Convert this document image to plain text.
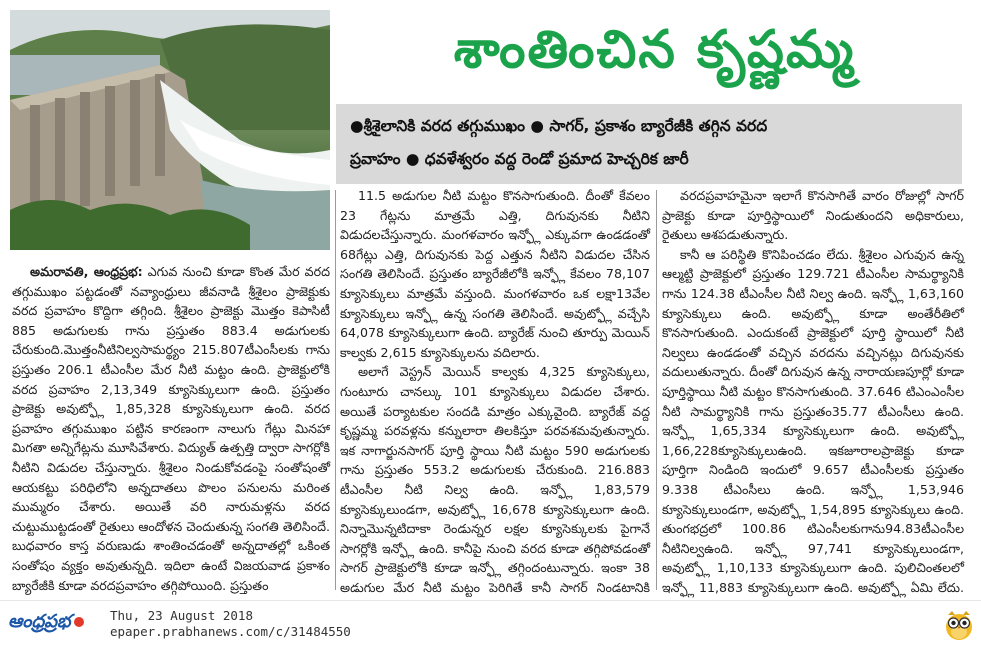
శాంతించిన కృష్ణమ్మ
●శ్రీశైలానికి వరద తగ్గుముఖం ● సాగర్, ప్రకాశం బ్యారేజీకి తగ్గిన వరద
ప్రవాహం ● ధవళేశ్వరం వద్ద రెండో ప్రమాద హెచ్చరిక జారీ

అమరావతి, ఆంధ్రప్రభ: ఎగువ నుంచి కూడా కొంత మేర వరద తగ్గుముఖం పట్టడంతో నవ్యాంధ్రులు జీవనాడి శ్రీశైలం ప్రాజెక్టుకు వరద ప్రవాహం కొద్దిగా తగ్గింది. శ్రీశైలం ప్రాజెక్టు మొత్తం కెపాసిటీ 885 అడుగులకు గాను ప్రస్తుతం 883.4 అడుగులకు చేరుకుంది.మొత్తంనీటినిల్వసామర్థ్యం 215.807టీఎంసీలకు గాను ప్రస్తుతం 206.1 టీఎంసీల మేర నీటి మట్టం ఉంది. ప్రాజెక్టులోకి వరద ప్రవాహం 2,13,349 క్యూసెక్కులుగా ఉంది. ప్రస్తుతం ప్రాజెక్టు అవుట్ఫ్లో 1,85,328 క్యూసెక్కులుగా ఉంది. వరద ప్రవాహం తగ్గుముఖం పట్టిన కారణంగా నాలుగు గేట్లు మినహా మిగతా అన్నిగేట్లను మూసివేశారు. విద్యుత్ ఉత్పత్తి ద్వారా సాగర్లోకి నీటిని విడుదల చేస్తున్నారు. శ్రీశైలం నిండుకోవడంపై సంతోషంతో ఆయకట్టు పరిధిలోని అన్నదాతలు పొలం పనులను మరింత ముమ్మరం చేశారు. అయితే వరి నారుమళ్లను వరద చుట్టుముట్టడంతో రైతులు ఆందోళన చెందుతున్న సంగతి తెలిసిందే. బుధవారం కాస్త వరుణుడు శాంతించడంతో అన్నదాతల్లో ఒకింత సంతోషం వ్యక్తం అవుతున్నది. ఇదిలా ఉంటే విజయవాడ ప్రకాశం బ్యారేజీకి కూడా వరదప్రవాహం తగ్గిపోయింది. ప్రస్తుతం

11.5 అడుగుల నీటి మట్టం కొనసాగుతుంది. దీంతో కేవలం 23 గేట్లను మాత్రమే ఎత్తి, దిగువునకు నీటిని విడుదలచేస్తున్నారు. మంగళవారం ఇన్ఫ్లో ఎక్కువగా ఉండడంతో 68గేట్లు ఎత్తి, దిగువునకు పెద్ద ఎత్తున నీటిని విడుదల చేసిన సంగతి తెలిసిందే. ప్రస్తుతం బ్యారేజీలోకి ఇన్ఫ్లో కేవలం 78,107 క్యూసెక్కులు మాత్రమే వస్తుంది. మంగళవారం ఒక లక్షా13వేల క్యూసెక్కులు ఇన్ఫ్లో ఉన్న సంగతి తెలిసిందే. అవుట్ఫ్లో వచ్చేసి 64,078 క్యూసెక్కులుగా ఉంది. బ్యారేజ్ నుంచి తూర్పు మెయిన్ కాల్వకు 2,615 క్యూసెక్కులను వదిలారు.

అలాగే వెస్ట్రన్ మెయిన్ కాల్వకు 4,325 క్యూసెక్కులు, గుంటూరు చానల్కు 101 క్యూసెక్కులు విడుదల చేశారు. అయితే పర్యాటకుల సందడి మాత్రం ఎక్కువైంది. బ్యారేజ్ వద్ద కృష్ణమ్మ పరవళ్లను కన్నులారా తిలకిస్తూ పరవశమవుతున్నారు. ఇక నాగార్జునసాగర్ పూర్తి స్థాయి నీటి మట్టం 590 అడుగులకు గాను ప్రస్తుతం 553.2 అడుగులకు చేరుకుంది. 216.883 టీఎంసీల నీటి నిల్వ ఉంది. ఇన్ఫ్లో 1,83,579 క్యూసెక్కులుండగా, అవుట్ఫ్లో 16,678 క్యూసెక్కులుగా ఉంది. నిన్నామొన్నటిదాకా రెండున్నర లక్షల క్యూసెక్కులకు పైగానే సాగర్లోకి ఇన్ఫ్లో ఉంది. కానీపై నుంచి వరద కూడా తగ్గిపోవడంతో సాగర్ ప్రాజెక్టులోకి కూడా ఇన్ఫ్లో తగ్గిందంటున్నారు. ఇంకా 38 అడుగుల మేర నీటి మట్టం పెరిగితే కానీ సాగర్ నిండటానికి

వరదప్రవాహమైనా ఇలాగే కొనసాగితే వారం రోజుల్లో సాగర్ ప్రాజెక్టు కూడా పూర్తిస్థాయిలో నిండుతుందని అధికారులు, రైతులు ఆశపడుతున్నారు.

కానీ ఆ పరిస్థితి కొనిపించడం లేదు. శ్రీశైలం ఎగువున ఉన్న ఆల్మట్టి ప్రాజెక్టులో ప్రస్తుతం 129.721 టీఎంసీల సామర్థ్యానికి గాను 124.38 టీఎంసీల నీటి నిల్వ ఉంది. ఇన్ఫ్లో 1,63,160 క్యూసెక్కులు ఉంది. అవుట్ఫ్లో కూడా అంతేరీతిలో కొనసాగుతుంది. ఎందుకంటే ప్రాజెక్టులో పూర్తి స్థాయిలో నీటి నిల్వలు ఉండడంతో వచ్చిన వరదను వచ్చినట్లు దిగువునకు వదులుతున్నారు. దీంతో దిగువున ఉన్న నారాయణపూర్లో కూడా పూర్తిస్థాయి నీటి మట్టం కొనసాగుతుంది. 37.646 టిఎంఎంసీల నీటి సామర్థ్యానికి గాను ప్రస్తుతం35.77 టీఎంసీలు ఉంది. ఇన్ఫ్లో 1,65,334 క్యూసెక్కులుగా ఉంది. అవుట్ఫ్లో 1,66,228క్యూసెక్కులుఉంది. ఇకజూరాలప్రాజెక్టు కూడా పూర్తిగా నిండింది ఇందులో 9.657 టీఎంసీలకు ప్రస్తుతం 9.338 టీఎంసీలు ఉంది. ఇన్ఫ్లో 1,53,946 క్యూసెక్కులుండగా, అవుట్ఫ్లో 1,54,895 క్యూసెక్కులు ఉంది. తుంగభద్రలో 100.86 టిఎంసీలకుగాను94.83టీఎంసీల నీటినిల్వఉంది. ఇన్ఫ్లో 97,741 క్యూసెక్కులుండగా, అవుట్ఫ్లో 1,10,133 క్యూసెక్కులుగా ఉంది. పులిచింతలలో ఇన్ఫ్లో 11,883 క్యూసెక్కులుగా ఉంది. అవుట్ఫ్లో ఏమి లేదు.

ఆంధ్రప్రభ	Thu, 23 August 2018
epaper.prabhanews.com/c/31484550
